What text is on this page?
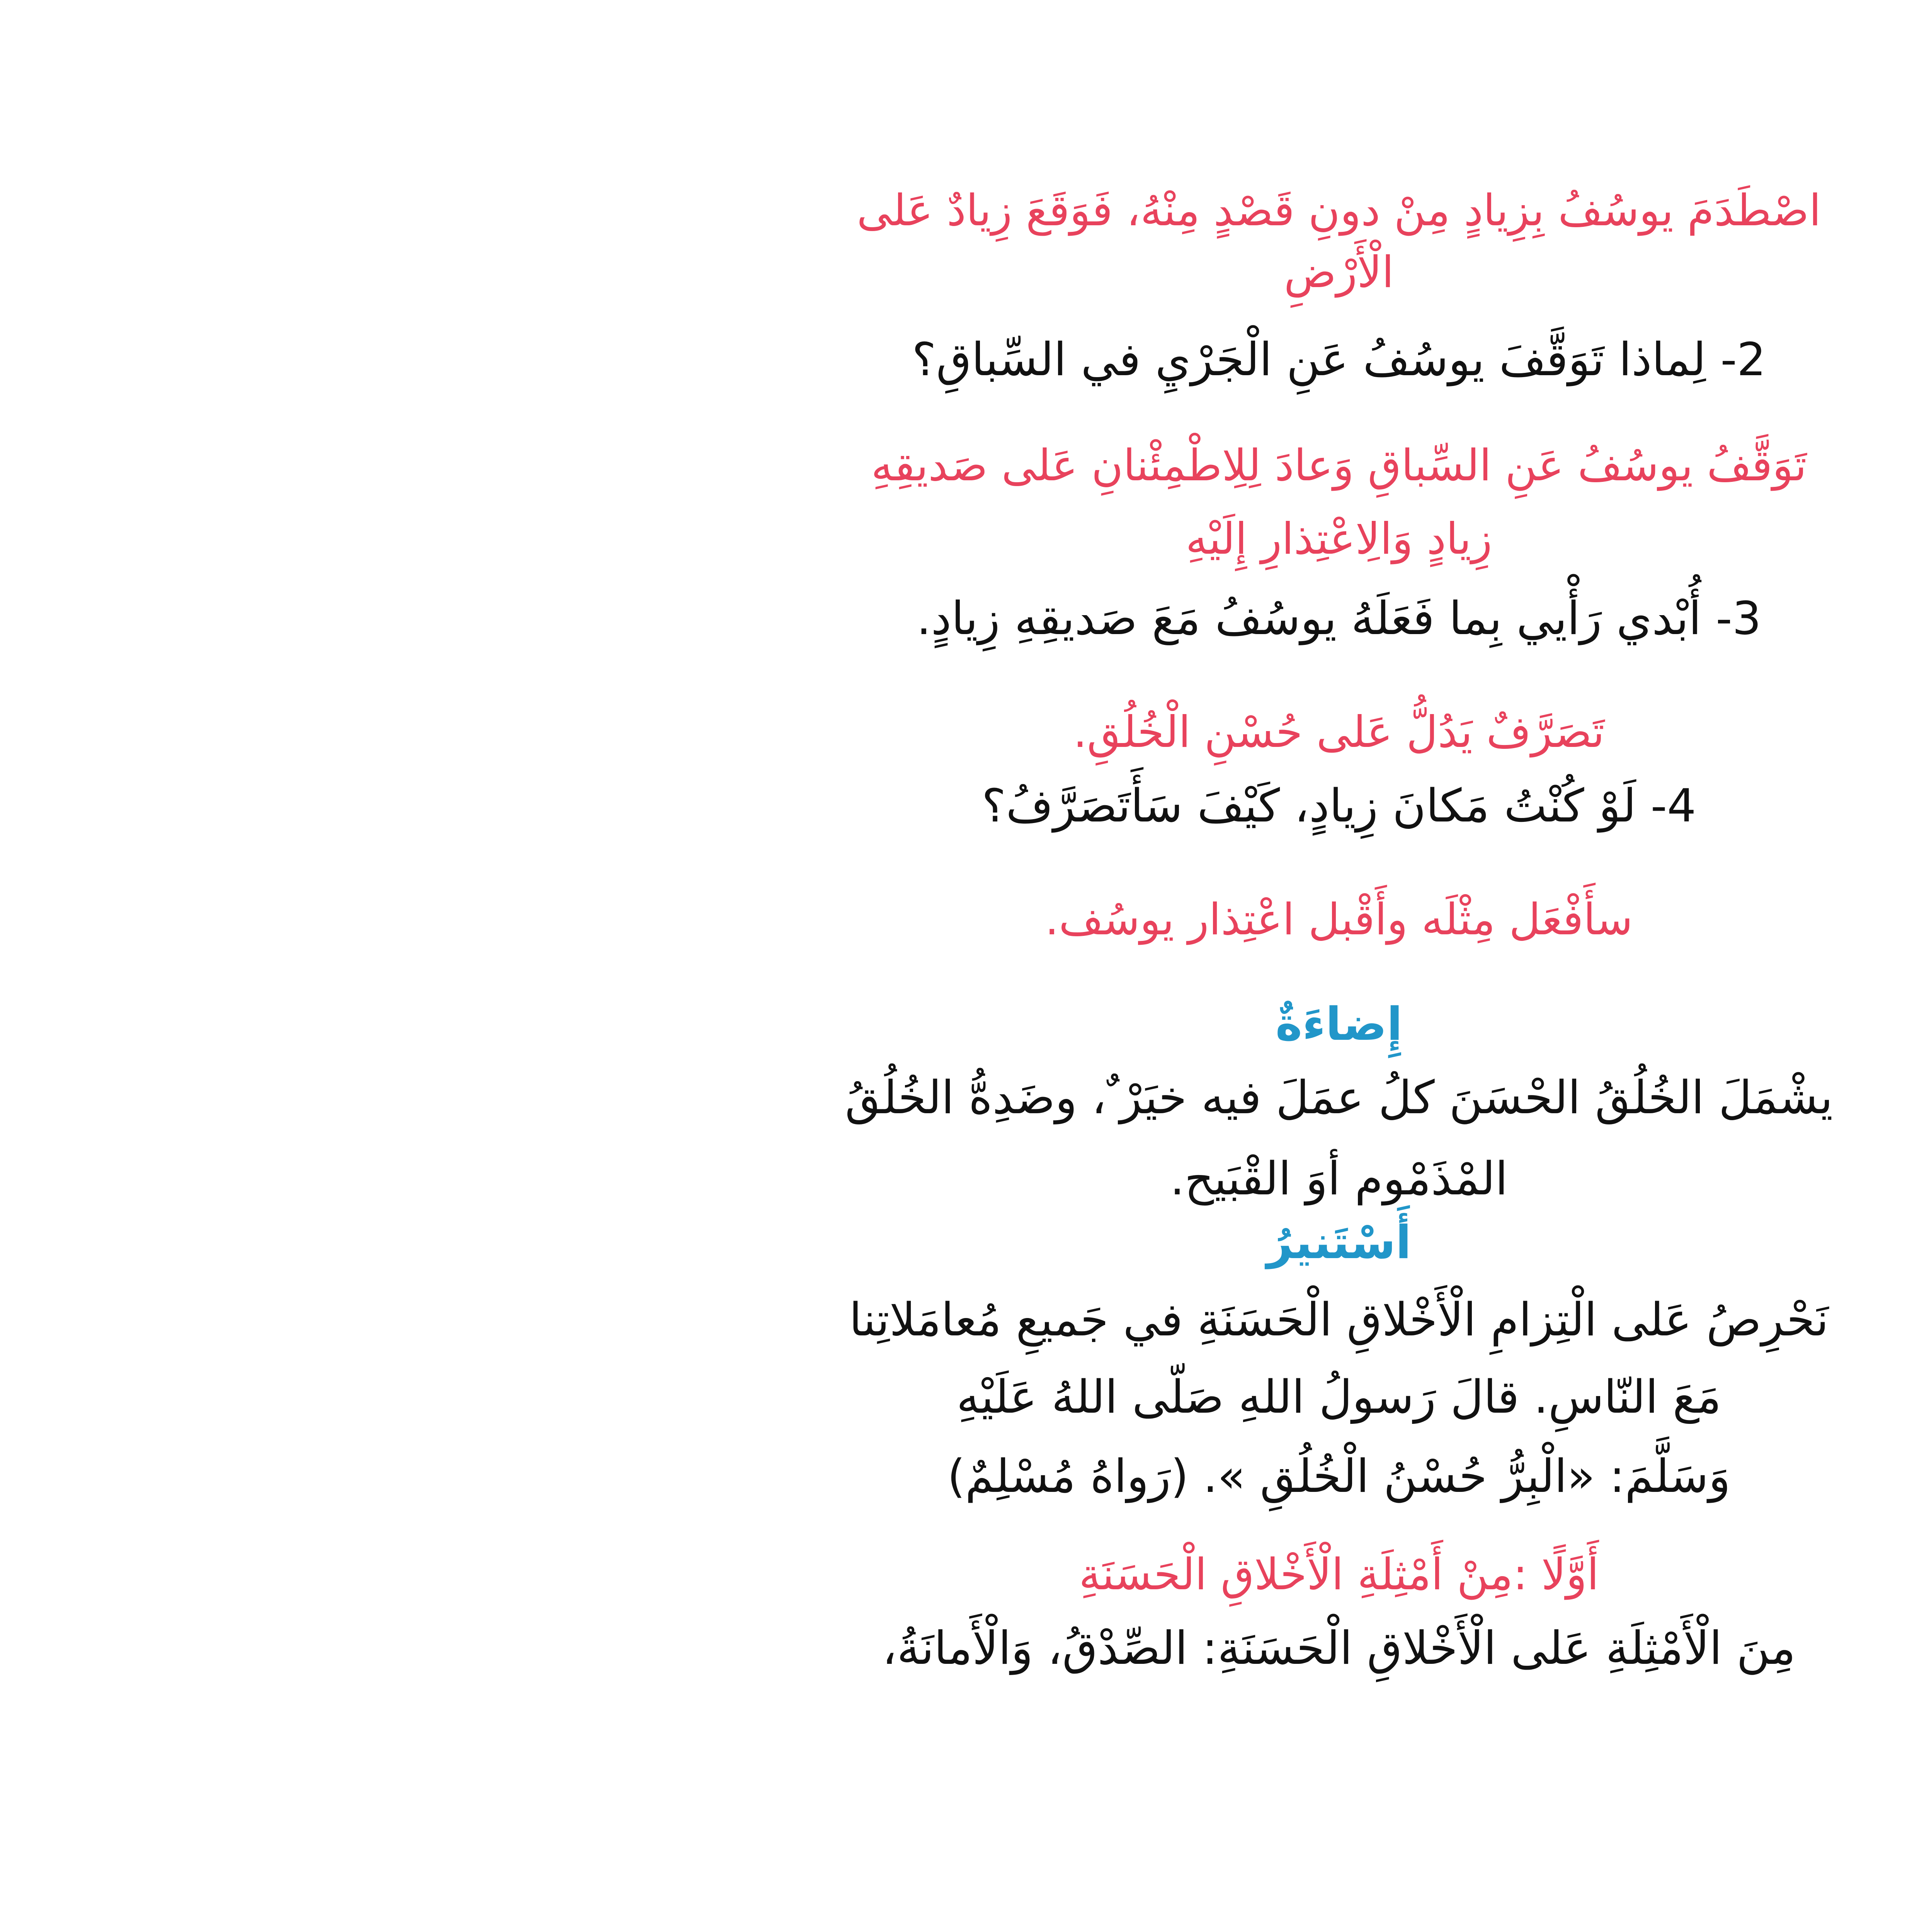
اصْطَدَمَ يوسُفُ بِزِيادٍ مِنْ دونِ قَصْدٍ مِنْهُ، فَوَقَعَ زِيادٌ عَلى
الْأَرْضِ
2- لِماذا تَوَقَّفَ يوسُفُ عَنِ الْجَرْيِ في السِّباقِ؟
تَوَقَّفُ يوسُفُ عَنِ السِّباقِ وَعادَ لِلِاطْمِئْنانِ عَلى صَديقِهِ
زِيادٍ وَالِاعْتِذارِ إِلَيْهِ
3- أُبْدي رَأْيي بِما فَعَلَهُ يوسُفُ مَعَ صَديقِهِ زِيادٍ.
تَصَرَّفٌ يَدُلُّ عَلى حُسْنِ الْخُلُقِ.
4- لَوْ كُنْتُ مَكانَ زِيادٍ، كَيْفَ سَأَتَصَرَّفُ؟
سأَفْعَل مِثْلَه وأَقْبل اعْتِذار يوسُف.
إِضاءَةٌ
يشْمَلَ الخُلُقُ الحْسَنَ كلُ عمَلَ فيه خيَرْ ٌ، وضَدِهُّ الخُلُقُ
المْذَمْوم أوَ القْبَيح.
أَسْتَنيرُ
نَحْرِصُ عَلى الْتِزامِ الْأَخْلاقِ الْحَسَنَةِ في جَميعِ مُعامَلاتِنا
مَعَ النّاسِ. قالَ رَسولُ اللهِ صَلّى اللهُ عَلَيْهِ
وَسَلَّمَ: «الْبِرُّ حُسْنُ الْخُلُقِ ». (رَواهُ مُسْلِمٌ)
أَوَّلًا :مِنْ أَمْثِلَةِ الْأَخْلاقِ الْحَسَنَةِ
مِنَ الْأَمْثِلَةِ عَلى الْأَخْلاقِ الْحَسَنَةِ: الصِّدْقُ، وَالْأَمانَةُ،
